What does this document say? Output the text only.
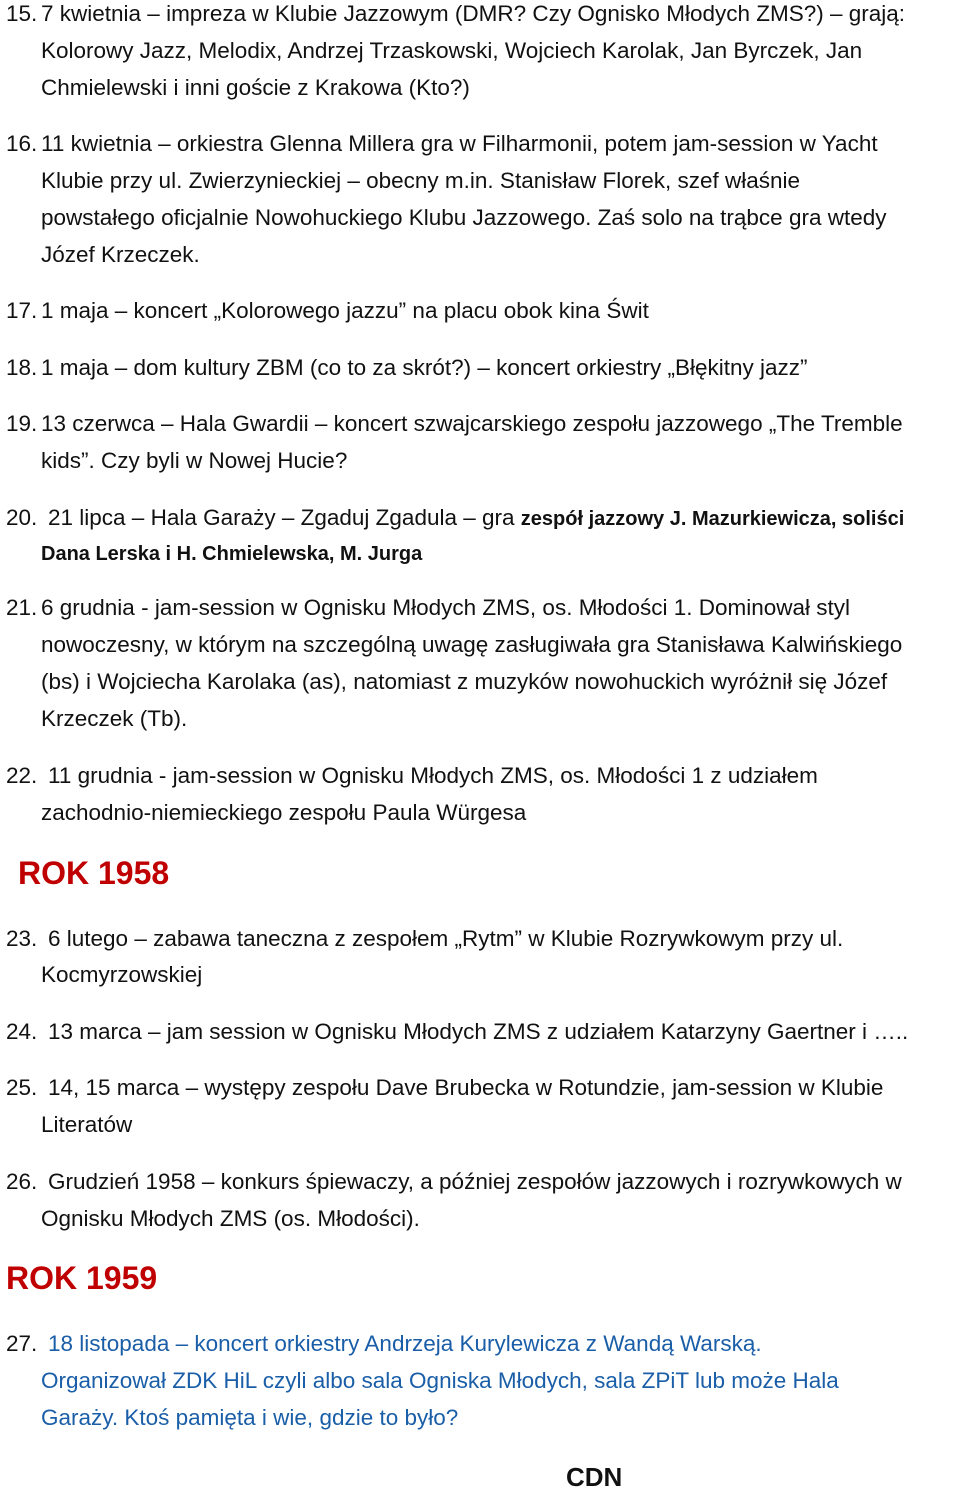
15. 7 kwietnia – impreza w Klubie Jazzowym (DMR? Czy Ognisko Młodych ZMS?) – grają:
Kolorowy Jazz, Melodix, Andrzej Trzaskowski, Wojciech Karolak, Jan Byrczek, Jan
Chmielewski i inni goście z Krakowa (Kto?)
16. 11 kwietnia – orkiestra Glenna Millera gra w Filharmonii, potem jam-session w Yacht
Klubie przy ul. Zwierzynieckiej – obecny m.in. Stanisław Florek, szef właśnie
powstałego oficjalnie Nowohuckiego Klubu Jazzowego. Zaś solo na trąbce gra wtedy
Józef Krzeczek.
17. 1 maja – koncert „Kolorowego jazzu” na placu obok kina Świt
18. 1 maja – dom kultury ZBM (co to za skrót?) – koncert orkiestry „Błękitny jazz”
19. 13 czerwca – Hala Gwardii – koncert szwajcarskiego zespołu jazzowego „The Tremble
kids”. Czy byli w Nowej Hucie?
20. 21 lipca – Hala Garaży – Zgaduj Zgadula – gra zespół jazzowy J. Mazurkiewicza, soliści
Dana Lerska i H. Chmielewska, M. Jurga
21. 6 grudnia - jam-session w Ognisku Młodych ZMS, os. Młodości 1. Dominował styl
nowoczesny, w którym na szczególną uwagę zasługiwała gra Stanisława Kalwińskiego
(bs) i Wojciecha Karolaka (as), natomiast z muzyków nowohuckich wyróżnił się Józef
Krzeczek (Tb).
22. 11 grudnia - jam-session w Ognisku Młodych ZMS, os. Młodości 1 z udziałem
zachodnio-niemieckiego zespołu Paula Würgesa
ROK 1958
23. 6 lutego – zabawa taneczna z zespołem „Rytm” w Klubie Rozrywkowym przy ul.
Kocmyrzowskiej
24. 13 marca – jam session w Ognisku Młodych ZMS z udziałem Katarzyny Gaertner i …..
25. 14, 15 marca – występy zespołu Dave Brubecka w Rotundzie, jam-session w Klubie
Literatów
26. Grudzień 1958 – konkurs śpiewaczy, a później zespołów jazzowych i rozrywkowych w
Ognisku Młodych ZMS (os. Młodości).
ROK 1959
27. 18 listopada – koncert orkiestry Andrzeja Kurylewicza z Wandą Warską.
Organizował ZDK HiL czyli albo sala Ogniska Młodych, sala ZPiT lub może Hala
Garaży. Ktoś pamięta i wie, gdzie to było?
CDN
